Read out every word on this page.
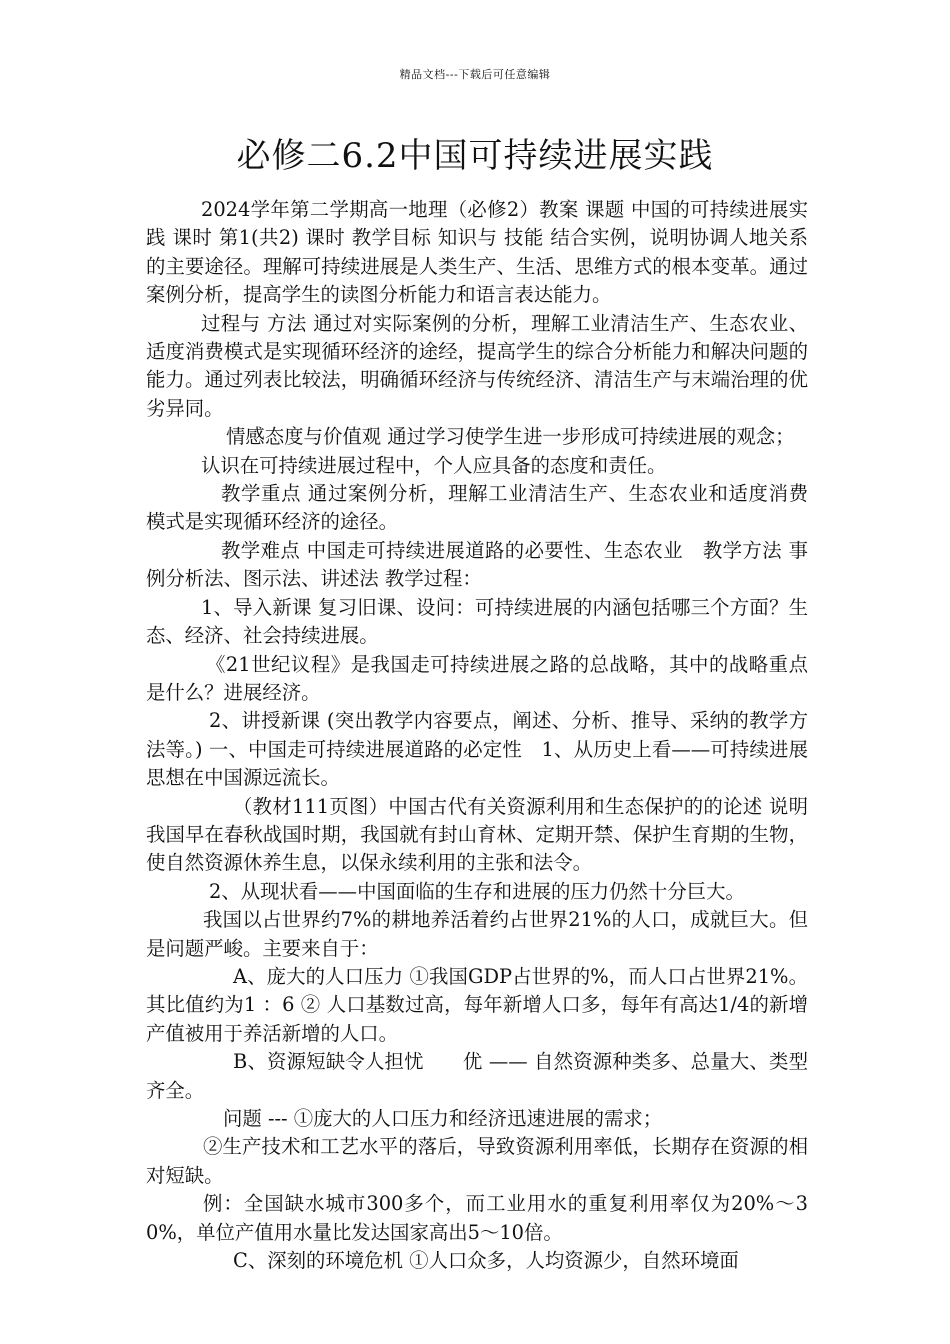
精品文档---下载后可任意编辑
必修二6.2中国可持续进展实践

2024学年第二学期高一地理（必修2）教案 课题 中国的可持续进展实践 课时 第1(共2) 课时 教学目标 知识与 技能 结合实例，说明协调人地关系的主要途径。理解可持续进展是人类生产、生活、思维方式的根本变革。通过案例分析，提高学生的读图分析能力和语言表达能力。

过程与 方法 通过对实际案例的分析，理解工业清洁生产、生态农业、适度消费模式是实现循环经济的途经，提高学生的综合分析能力和解决问题的能力。通过列表比较法，明确循环经济与传统经济、清洁生产与末端治理的优劣异同。

情感态度与价值观 通过学习使学生进一步形成可持续进展的观念；

认识在可持续进展过程中，个人应具备的态度和责任。

教学重点 通过案例分析，理解工业清洁生产、生态农业和适度消费模式是实现循环经济的途径。

教学难点 中国走可持续进展道路的必要性、生态农业　教学方法 事例分析法、图示法、讲述法 教学过程：

1、导入新课 复习旧课、设问：可持续进展的内涵包括哪三个方面？生态、经济、社会持续进展。

《21世纪议程》是我国走可持续进展之路的总战略，其中的战略重点是什么？进展经济。

2、讲授新课 (突出教学内容要点，阐述、分析、推导、采纳的教学方法等。) 一、中国走可持续进展道路的必定性　1、从历史上看——可持续进展思想在中国源远流长。

（教材111页图）中国古代有关资源利用和生态保护的的论述 说明我国早在春秋战国时期，我国就有封山育林、定期开禁、保护生育期的生物，使自然资源休养生息，以保永续利用的主张和法令。

2、从现状看——中国面临的生存和进展的压力仍然十分巨大。

我国以占世界约7%的耕地养活着约占世界21%的人口，成就巨大。但是问题严峻。主要来自于：

A、庞大的人口压力 ①我国GDP占世界的%，而人口占世界21%。其比值约为1 ：6 ② 人口基数过高，每年新增人口多，每年有高达1/4的新增产值被用于养活新增的人口。

B、资源短缺令人担忧　　优 —— 自然资源种类多、总量大、类型齐全。

问题 --- ①庞大的人口压力和经济迅速进展的需求；

②生产技术和工艺水平的落后，导致资源利用率低，长期存在资源的相对短缺。

例：全国缺水城市300多个，而工业用水的重复利用率仅为20%～30%，单位产值用水量比发达国家高出5～10倍。

C、深刻的环境危机 ①人口众多，人均资源少，自然环境面
